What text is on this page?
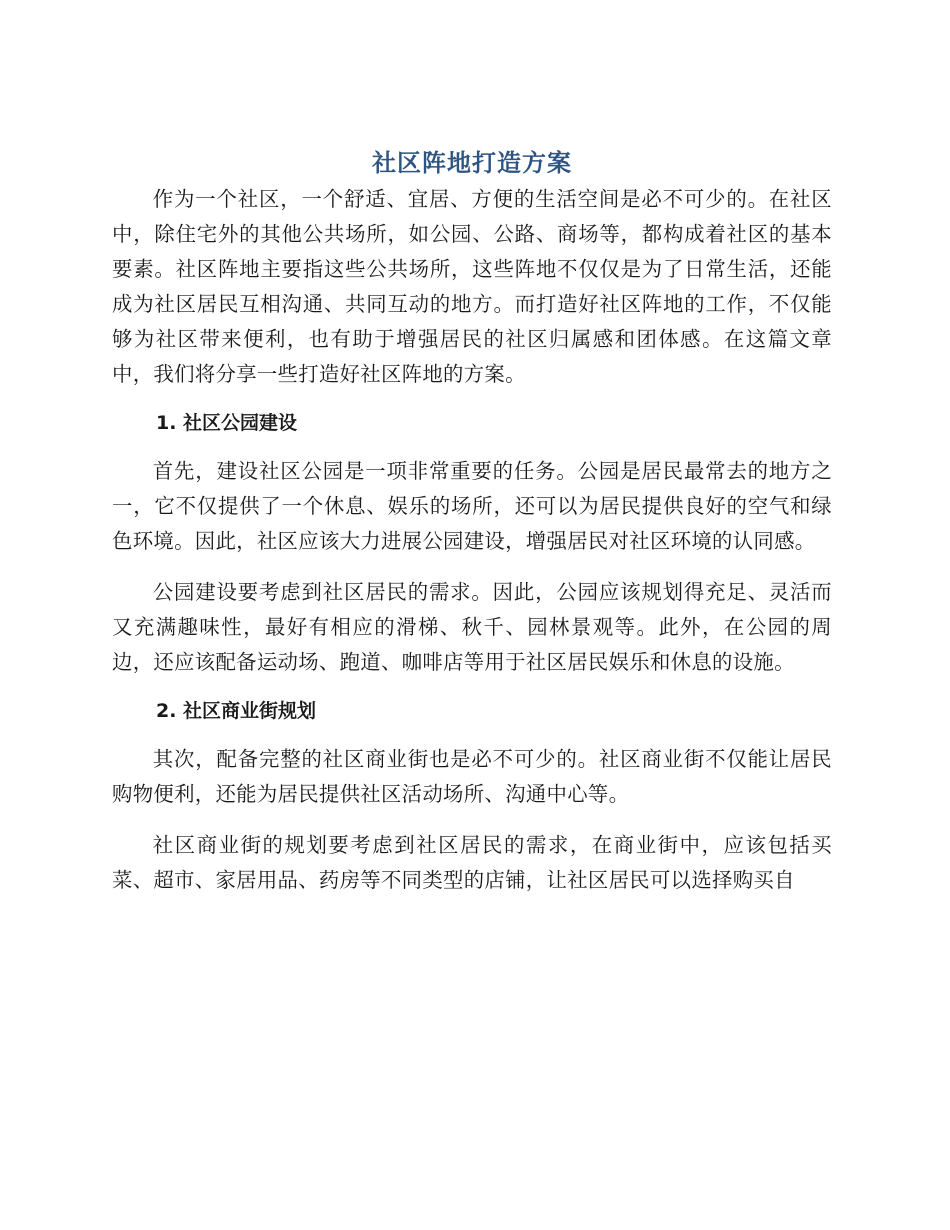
社区阵地打造方案

作为一个社区，一个舒适、宜居、方便的生活空间是必不可少的。在社区中，除住宅外的其他公共场所，如公园、公路、商场等，都构成着社区的基本要素。社区阵地主要指这些公共场所，这些阵地不仅仅是为了日常生活，还能成为社区居民互相沟通、共同互动的地方。而打造好社区阵地的工作，不仅能够为社区带来便利，也有助于增强居民的社区归属感和团体感。在这篇文章中，我们将分享一些打造好社区阵地的方案。

1. 社区公园建设

首先，建设社区公园是一项非常重要的任务。公园是居民最常去的地方之一，它不仅提供了一个休息、娱乐的场所，还可以为居民提供良好的空气和绿色环境。因此，社区应该大力进展公园建设，增强居民对社区环境的认同感。

公园建设要考虑到社区居民的需求。因此，公园应该规划得充足、灵活而又充满趣味性，最好有相应的滑梯、秋千、园林景观等。此外，在公园的周边，还应该配备运动场、跑道、咖啡店等用于社区居民娱乐和休息的设施。

2. 社区商业街规划

其次，配备完整的社区商业街也是必不可少的。社区商业街不仅能让居民购物便利，还能为居民提供社区活动场所、沟通中心等。

社区商业街的规划要考虑到社区居民的需求，在商业街中，应该包括买菜、超市、家居用品、药房等不同类型的店铺，让社区居民可以选择购买自
